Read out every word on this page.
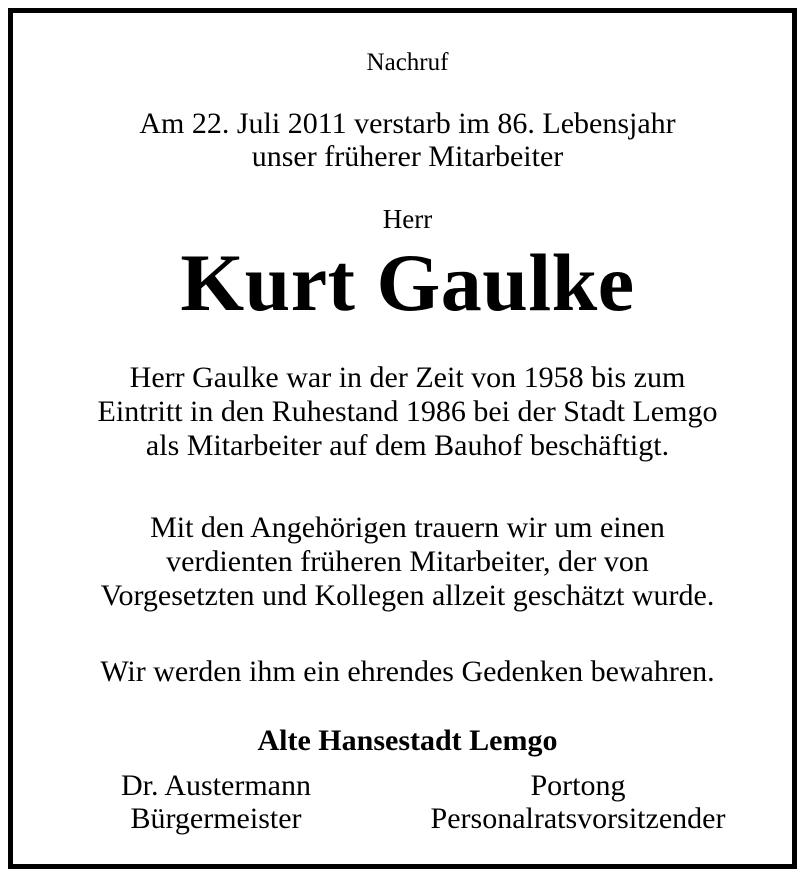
Nachruf
Am 22. Juli 2011 verstarb im 86. Lebensjahr
unser früherer Mitarbeiter
Herr
Kurt Gaulke
Herr Gaulke war in der Zeit von 1958 bis zum
Eintritt in den Ruhestand 1986 bei der Stadt Lemgo
als Mitarbeiter auf dem Bauhof beschäftigt.
Mit den Angehörigen trauern wir um einen
verdienten früheren Mitarbeiter, der von
Vorgesetzten und Kollegen allzeit geschätzt wurde.
Wir werden ihm ein ehrendes Gedenken bewahren.
Alte Hansestadt Lemgo
Dr. Austermann
Bürgermeister
Portong
Personalratsvorsitzender
